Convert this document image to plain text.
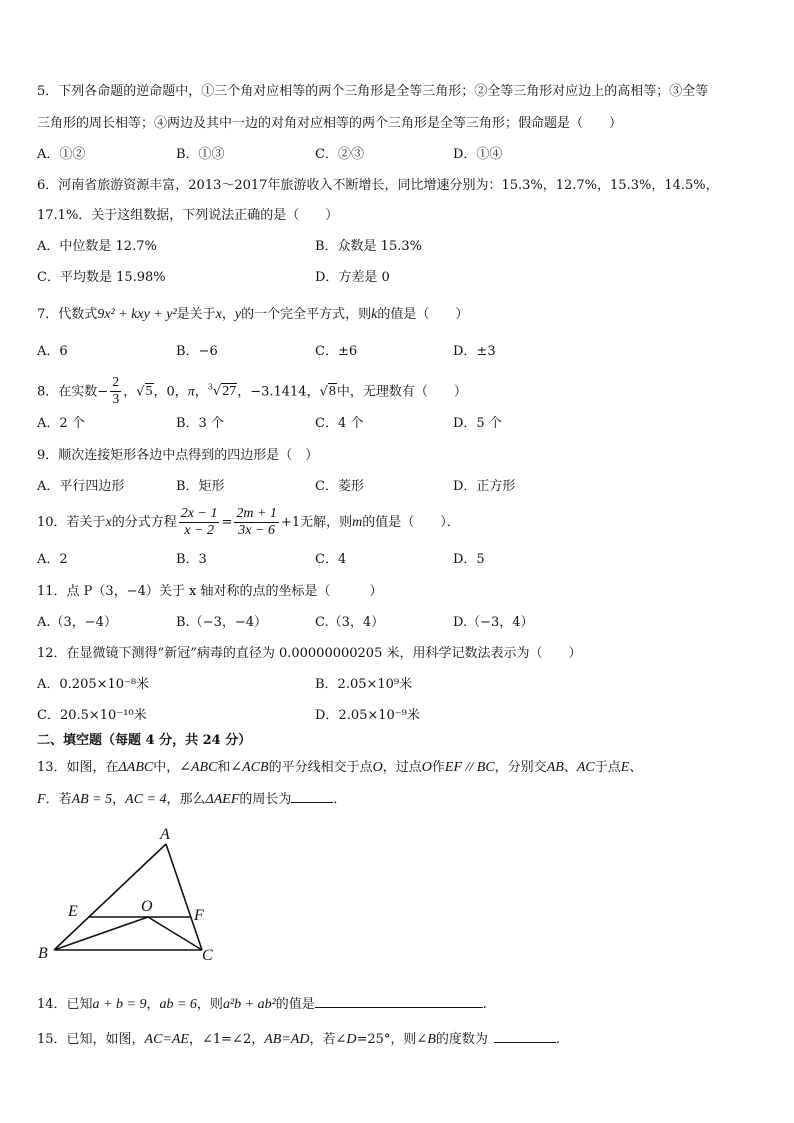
5．下列各命题的逆命题中，①三个角对应相等的两个三角形是全等三角形；②全等三角形对应边上的高相等；③全等
三角形的周长相等；④两边及其中一边的对角对应相等的两个三角形是全等三角形；假命题是（　　）
A．①②	B．①③	C．②③	D．①④
6．河南省旅游资源丰富，2013～2017年旅游收入不断增长，同比增速分别为：15.3%，12.7%，15.3%，14.5%，
17.1%．关于这组数据，下列说法正确的是（　　）
A．中位数是 12.7%	B．众数是 15.3%
C．平均数是 15.98%	D．方差是 0
7．代数式9x² + kxy + y²是关于x，y的一个完全平方式，则k的值是（　　）
A．6	B．−6	C．±6	D．±3
8．在实数− $\frac{2}{3}$ ，√5，0，π，$^3$√27，−3.1414，√8中，无理数有（　　）
A．2 个	B．3 个	C．4 个	D．5 个
9．顺次连接矩形各边中点得到的四边形是（　）
A．平行四边形	B．矩形	C．菱形	D．正方形
10．若关于x的分式方程 $\frac{2x - 1}{x - 2} = \frac{2m + 1}{3x - 6} +1$无解，则m的值是（　　）．
A．2	B．3	C．4	D．5
11．点 P（3，−4）关于 x 轴对称的点的坐标是（　　　）
A.（3，−4）	B.（−3，−4）	C.（3，4）	D.（−3，4）
12．在显微镜下测得“新冠”病毒的直径为 0.00000000205 米，用科学记数法表示为（　　）
A．0.205×10⁻⁸米	B．2.05×10⁹米
C．20.5×10⁻¹⁰米	D．2.05×10⁻⁹米
二、填空题（每题 4 分，共 24 分）
13．如图，在ΔABC中，∠ABC和∠ACB的平分线相交于点O，过点O作EF // BC，分别交AB、AC于点E、
F．若AB = 5，AC = 4，那么ΔAEF的周长为	．
A
E	O
F
B	C
14．已知a + b = 9，ab = 6，则a²b + ab²的值是	.
15．已知，如图，AC=AE，∠1=∠2，AB=AD，若∠D=25°，则∠B的度数为	.
